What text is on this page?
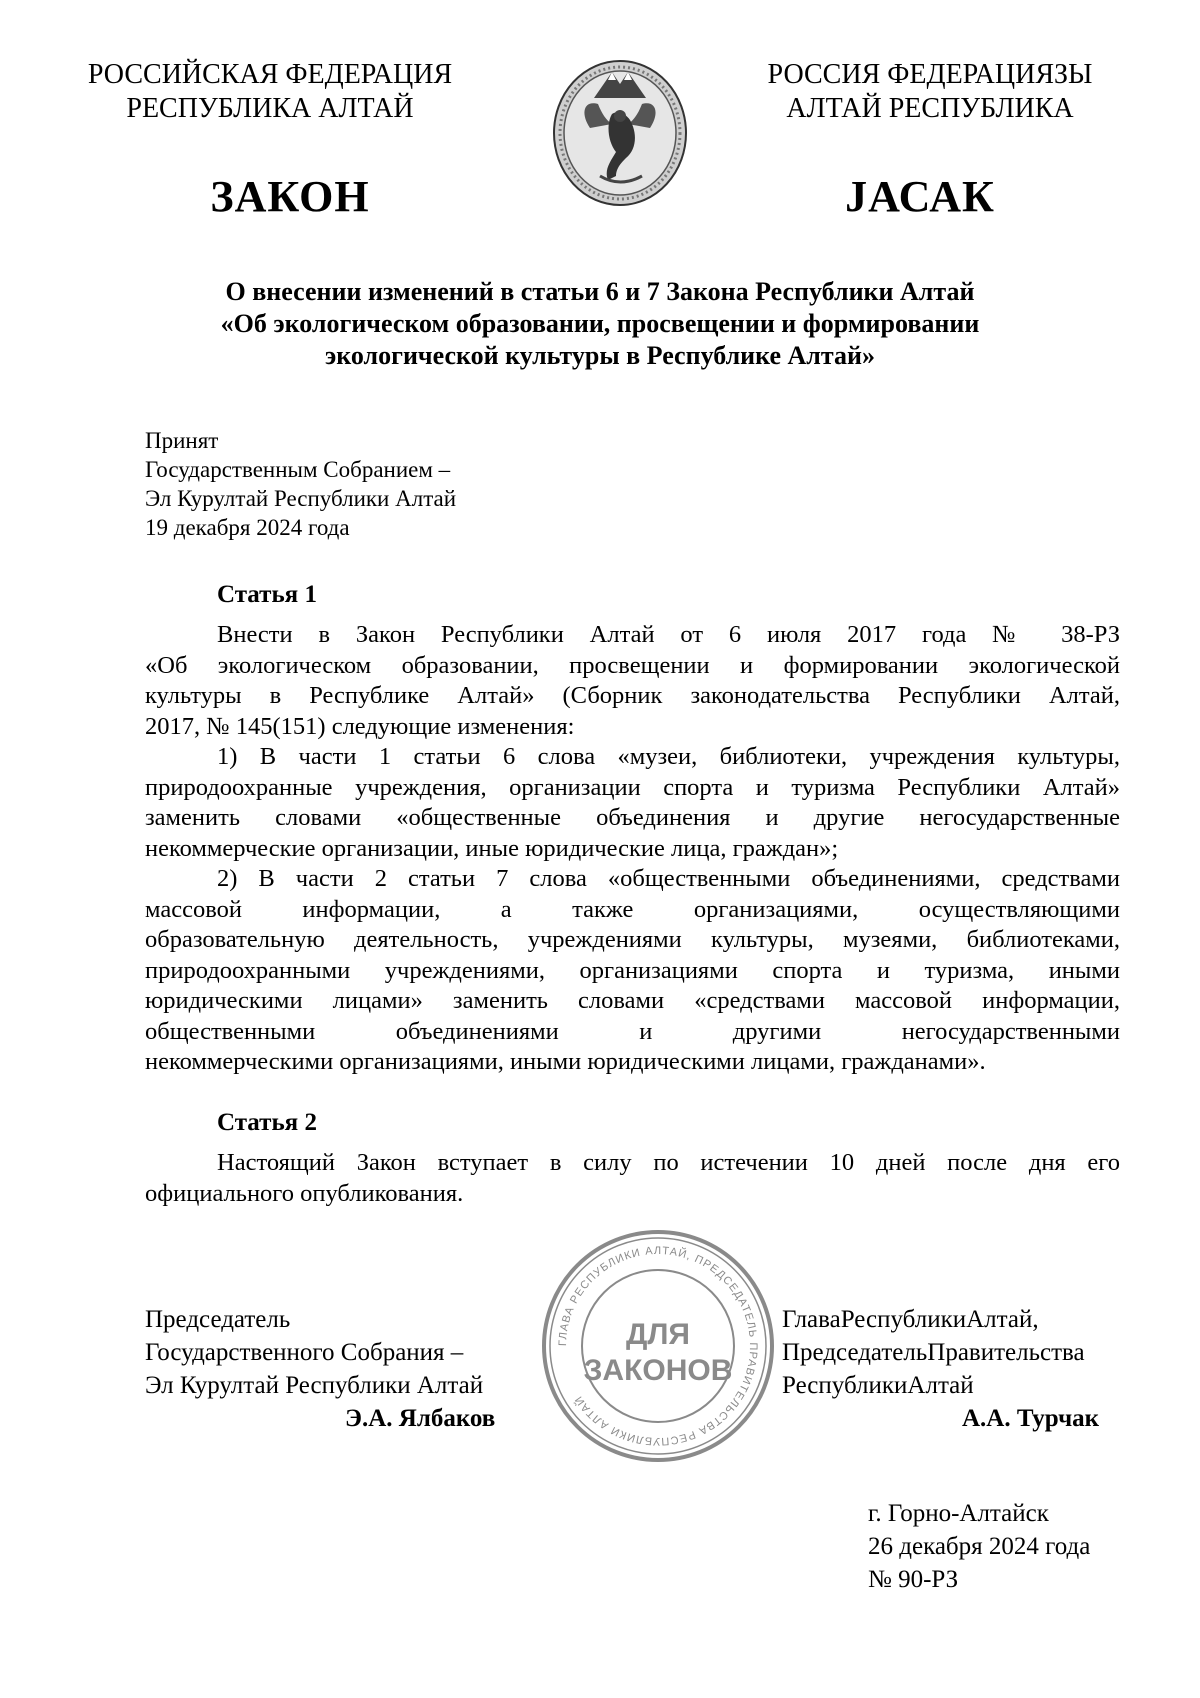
РОССИЙСКАЯ ФЕДЕРАЦИЯ
РЕСПУБЛИКА АЛТАЙ
РОССИЯ ФЕДЕРАЦИЯЗЫ
АЛТАЙ РЕСПУБЛИКА
ЗАКОН	JАСАК
О внесении изменений в статьи 6 и 7 Закона Республики Алтай
«Об экологическом образовании, просвещении и формировании
экологической культуры в Республике Алтай»
Принят
Государственным Собранием –
Эл Курултай Республики Алтай
19 декабря 2024 года
Статья 1
Внести в Закон Республики Алтай от 6 июля 2017 года № 38-РЗ
«Об экологическом образовании, просвещении и формировании экологической
культуры в Республике Алтай» (Сборник законодательства Республики Алтай,
2017, № 145(151) следующие изменения:
1) В части 1 статьи 6 слова «музеи, библиотеки, учреждения культуры,
природоохранные учреждения, организации спорта и туризма Республики Алтай»
заменить словами «общественные объединения и другие негосударственные
некоммерческие организации, иные юридические лица, граждан»;
2) В части 2 статьи 7 слова «общественными объединениями, средствами
массовой информации, а также организациями, осуществляющими
образовательную деятельность, учреждениями культуры, музеями, библиотеками,
природоохранными учреждениями, организациями спорта и туризма, иными
юридическими лицами» заменить словами «средствами массовой информации,
общественными объединениями и другими негосударственными
некоммерческими организациями, иными юридическими лицами, гражданами».
Статья 2
Настоящий Закон вступает в силу по истечении 10 дней после дня его
официального опубликования.
Председатель
Государственного Собрания –
Эл Курултай Республики Алтай
Э.А. Ялбаков
ГЛАВА РЕСПУБЛИКИ АЛТАЙ, ПРЕДСЕДАТЕЛЬ ПРАВИТЕЛЬСТВА РЕСПУБЛИКИ АЛТАЙ
ДЛЯ
ЗАКОНОВ
ГлаваРеспубликиАлтай,
ПредседательПравительства
РеспубликиАлтай
А.А. Турчак
г. Горно-Алтайск
26 декабря 2024 года
№ 90-РЗ
